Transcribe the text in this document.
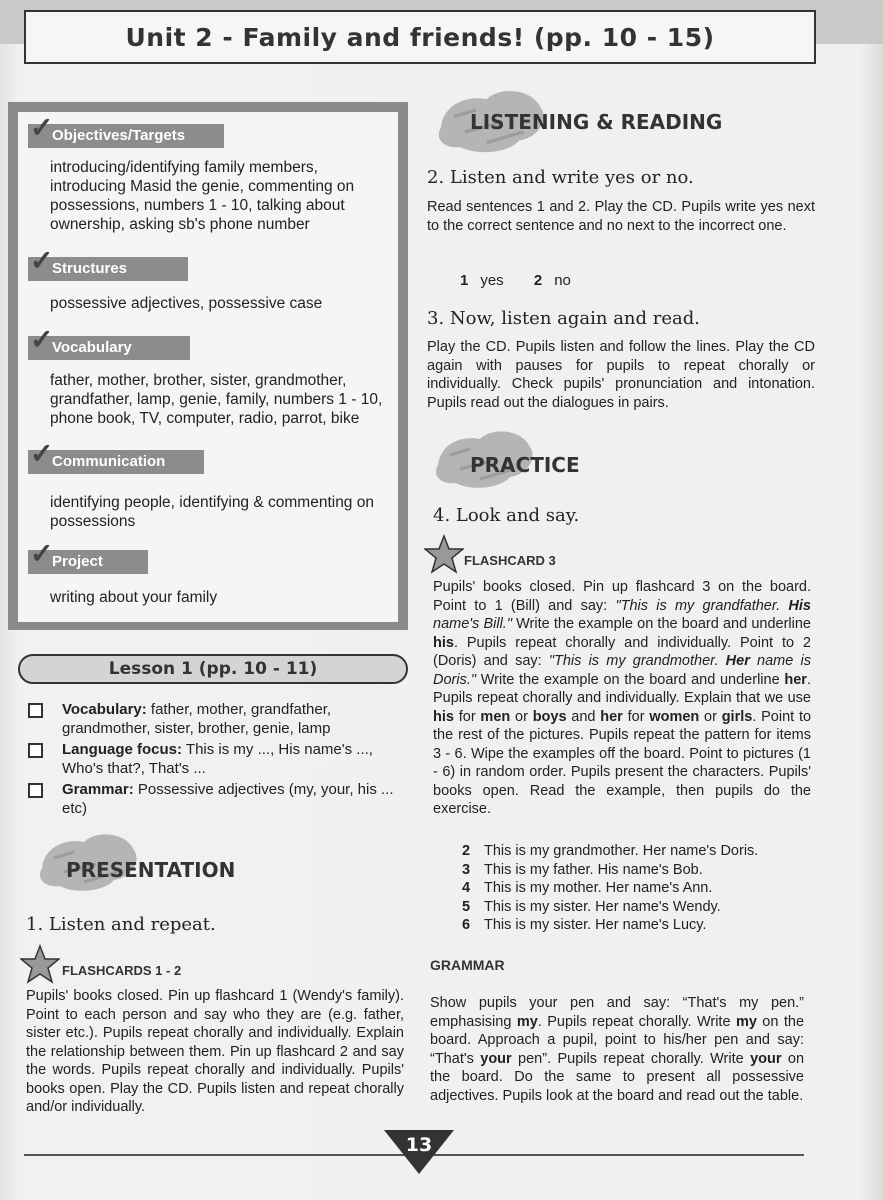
Unit 2 - Family and friends! (pp. 10 - 15)
✓
Objectives/Targets
introducing/identifying family members, introducing Masid the genie, commenting on possessions, numbers 1 - 10, talking about ownership, asking sb's phone number
✓
Structures
possessive adjectives, possessive case
✓
Vocabulary
father, mother, brother, sister, grandmother, grandfather, lamp, genie, family, numbers 1 - 10, phone book, TV, computer, radio, parrot, bike
✓
Communication
identifying people, identifying & commenting on possessions
✓
Project
writing about your family
Lesson 1 (pp. 10 - 11)
Vocabulary: father, mother, grandfather, grandmother, sister, brother, genie, lamp
Language focus: This is my ..., His name's ..., Who's that?, That's ...
Grammar: Possessive adjectives (my, your, his ... etc)
PRESENTATION
1. Listen and repeat.
FLASHCARDS 1 - 2
Pupils' books closed. Pin up flashcard 1 (Wendy's family). Point to each person and say who they are (e.g. father, sister etc.). Pupils repeat chorally and individually. Explain the relationship between them. Pin up flashcard 2 and say the words. Pupils repeat chorally and individually. Pupils' books open. Play the CD. Pupils listen and repeat chorally and/or individually.
LISTENING & READING
2. Listen and write yes or no.
Read sentences 1 and 2. Play the CD. Pupils write yes next to the correct sentence and no next to the incorrect one.
1 yes 2 no
3. Now, listen again and read.
Play the CD. Pupils listen and follow the lines. Play the CD again with pauses for pupils to repeat chorally or individually. Check pupils' pronunciation and intonation. Pupils read out the dialogues in pairs.
PRACTICE
4. Look and say.
FLASHCARD 3
Pupils' books closed. Pin up flashcard 3 on the board. Point to 1 (Bill) and say: "This is my grandfather. His name's Bill." Write the example on the board and underline his. Pupils repeat chorally and individually. Point to 2 (Doris) and say: "This is my grandmother. Her name is Doris." Write the example on the board and underline her. Pupils repeat chorally and individually. Explain that we use his for men or boys and her for women or girls. Point to the rest of the pictures. Pupils repeat the pattern for items 3 - 6. Wipe the examples off the board. Point to pictures (1 - 6) in random order. Pupils present the characters. Pupils' books open. Read the example, then pupils do the exercise.
2 This is my grandmother. Her name's Doris.
3 This is my father. His name's Bob.
4 This is my mother. Her name's Ann.
5 This is my sister. Her name's Wendy.
6 This is my sister. Her name's Lucy.
GRAMMAR
Show pupils your pen and say: “That's my pen.” emphasising my. Pupils repeat chorally. Write my on the board. Approach a pupil, point to his/her pen and say: “That's your pen”. Pupils repeat chorally. Write your on the board. Do the same to present all possessive adjectives. Pupils look at the board and read out the table.
13
